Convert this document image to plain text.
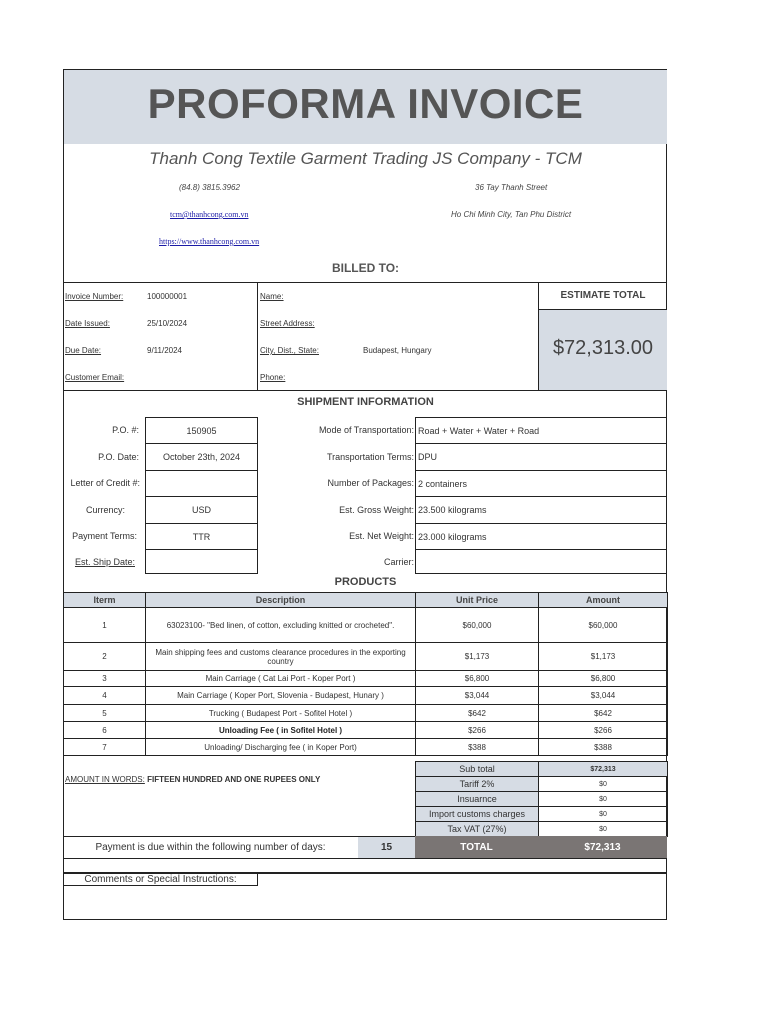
PROFORMA INVOICE
Thanh Cong Textile Garment Trading JS Company - TCM
(84.8) 3815.3962
tcm@thanhcong.com.vn
https://www.thanhcong.com.vn
36 Tay Thanh Street
Ho Chi Minh City, Tan Phu District
BILLED TO:
Invoice Number:	100000001
Date Issued:	25/10/2024
Due Date:	9/11/2024
Customer Email:
Name:
Street Address:
City, Dist., State:	Budapest, Hungary
Phone:
ESTIMATE TOTAL
$72,313.00
SHIPMENT INFORMATION
P.O. #:	150905
P.O. Date:	October 23th, 2024
Letter of Credit #:
Currency:	USD
Payment Terms:	TTR
Est. Ship Date:
Mode of Transportation: Road + Water + Water + Road
Transportation Terms: DPU
Number of Packages: 2 containers
Est. Gross Weight: 23.500 kilograms
Est. Net Weight: 23.000 kilograms
Carrier:
PRODUCTS
Iterm	Description	Unit Price	Amount
1	63023100- "Bed linen, of cotton, excluding knitted or crocheted".	$60,000	$60,000
2	Main shipping fees and customs clearance procedures in the exporting country	$1,173	$1,173
3	Main Carriage ( Cat Lai Port - Koper Port )	$6,800	$6,800
4	Main Carriage ( Koper Port, Slovenia - Budapest, Hunary )	$3,044	$3,044
5	Trucking ( Budapest Port - Sofitel Hotel )	$642	$642
6	Unloading Fee ( in Sofitel Hotel )	$266	$266
7	Unloading/ Discharging fee ( in Koper Port)	$388	$388
AMOUNT IN WORDS: FIFTEEN HUNDRED AND ONE RUPEES ONLY
Sub total	$72,313
Tariff 2%	$0
Insuarnce	$0
Import customs charges	$0
Tax VAT (27%)	$0
Payment is due within the following number of days:	15	TOTAL	$72,313
Comments or Special Instructions:
